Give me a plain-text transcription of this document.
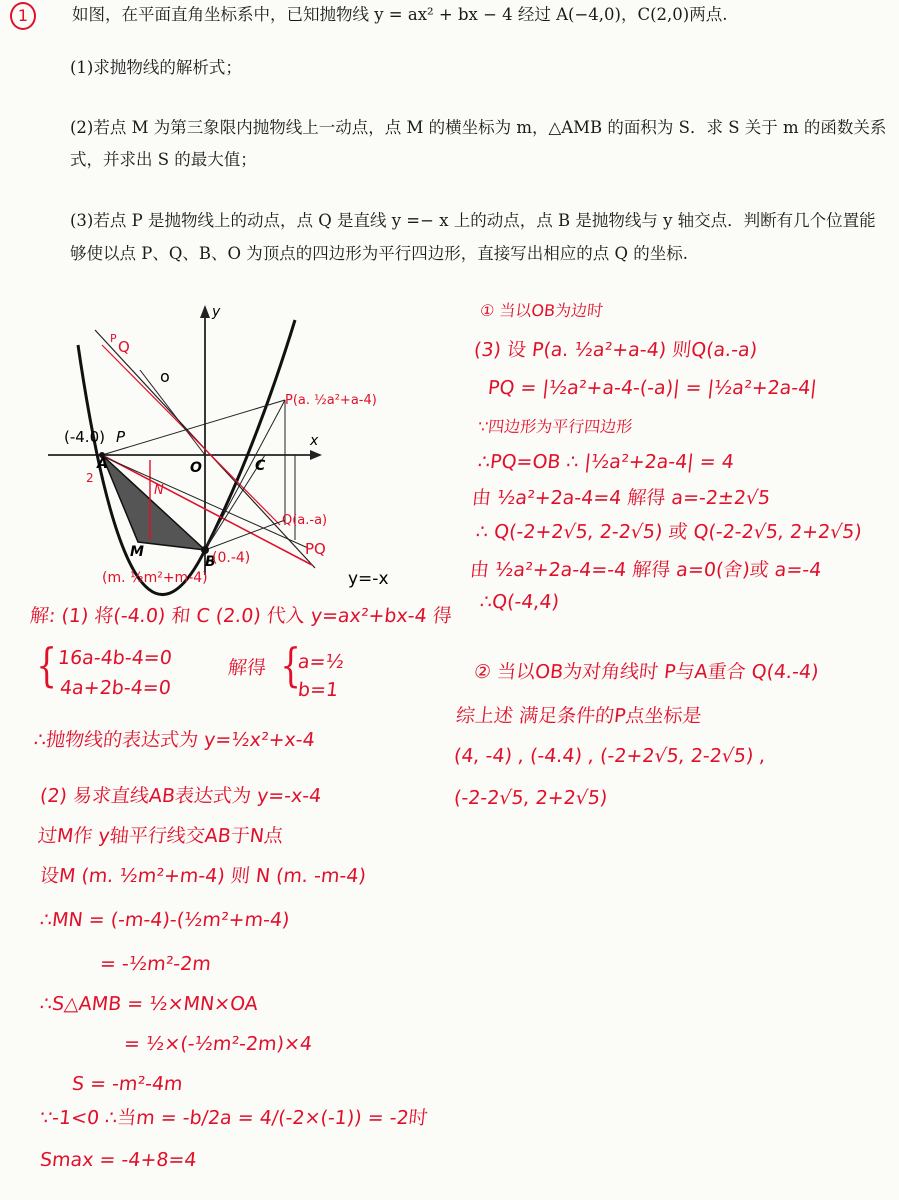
1	如图，在平面直角坐标系中，已知抛物线 y = ax² + bx − 4 经过 A(−4,0)，C(2,0)两点.
(1)求抛物线的解析式；
(2)若点 M 为第三象限内抛物线上一动点，点 M 的横坐标为 m，△AMB 的面积为 S．求 S 关于 m 的函数关系
式，并求出 S 的最大值；
(3)若点 P 是抛物线上的动点，点 Q 是直线 y =− x 上的动点，点 B 是抛物线与 y 轴交点．判断有几个位置能
够使以点 P、Q、B、O 为顶点的四边形为平行四边形，直接写出相应的点 Q 的坐标.
y
x
O	C
A
B
M
N
(-4.0) P
2
Q
P
o
P(a. ½a²+a-4)
Q(a.-a)
(0.-4)	PQ
(m. ½m²+m-4)	y=-x
解: (1) 将(-4.0) 和 C (2.0) 代入 y=ax²+bx-4 得
{ 16a-4b-4=0
4a+2b-4=0
解得 {
a=½
b=1
∴抛物线的表达式为 y=½x²+x-4
(2) 易求直线AB表达式为 y=-x-4
过M作 y轴平行线交AB于N点
设M (m. ½m²+m-4) 则 N (m. -m-4)
∴MN = (-m-4)-(½m²+m-4)
= -½m²-2m
∴S△AMB = ½×MN×OA
= ½×(-½m²-2m)×4
S = -m²-4m
∵-1<0 ∴当m = -b/2a = 4/(-2×(-1)) = -2时
Smax = -4+8=4
① 当以OB为边时
(3) 设 P(a. ½a²+a-4) 则Q(a.-a)
PQ = |½a²+a-4-(-a)| = |½a²+2a-4|
∵四边形为平行四边形
∴PQ=OB ∴ |½a²+2a-4| = 4
由 ½a²+2a-4=4 解得 a=-2±2√5
∴ Q(-2+2√5, 2-2√5) 或 Q(-2-2√5, 2+2√5)
由 ½a²+2a-4=-4 解得 a=0(舍)或 a=-4
∴Q(-4,4)
② 当以OB为对角线时 P与A重合 Q(4.-4)
综上述 满足条件的P点坐标是
(4, -4) , (-4.4) , (-2+2√5, 2-2√5) ,
(-2-2√5, 2+2√5)
